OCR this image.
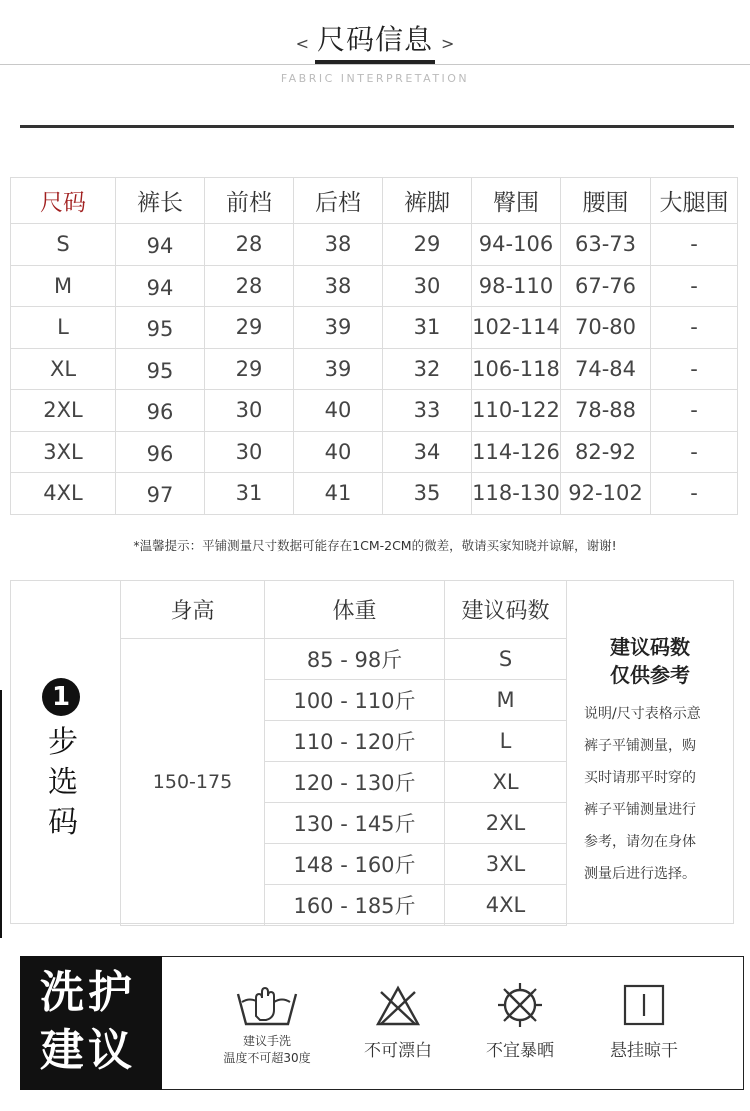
< 尺码信息 >
FABRIC INTERPRETATION
尺码	裤长	前档	后档	裤脚	臀围	腰围	大腿围
S	94	28	38	29	94-106	63-73	-
M	94	28	38	30	98-110	67-76	-
L	95	29	39	31	102-114	70-80	-
XL	95	29	39	32	106-118	74-84	-
2XL	96	30	40	33	110-122	78-88	-
3XL	96	30	40	34	114-126	82-92	-
4XL	97	31	41	35	118-130	92-102	-
*温馨提示：平铺测量尺寸数据可能存在1CM-2CM的微差，敬请买家知晓并谅解，谢谢!
1
步
选
码
身高	体重	建议码数
150-175	85 - 98斤	S
	100 - 110斤	M
	110 - 120斤	L
	120 - 130斤	XL
	130 - 145斤	2XL
	148 - 160斤	3XL
	160 - 185斤	4XL
建议码数
仅供参考
说明/尺寸表格示意
裤子平铺测量，购
买时请那平时穿的
裤子平铺测量进行
参考，请勿在身体
测量后进行选择。
洗护
建议	建议手洗
温度不可超30度	不可漂白	不宜暴晒	悬挂晾干
